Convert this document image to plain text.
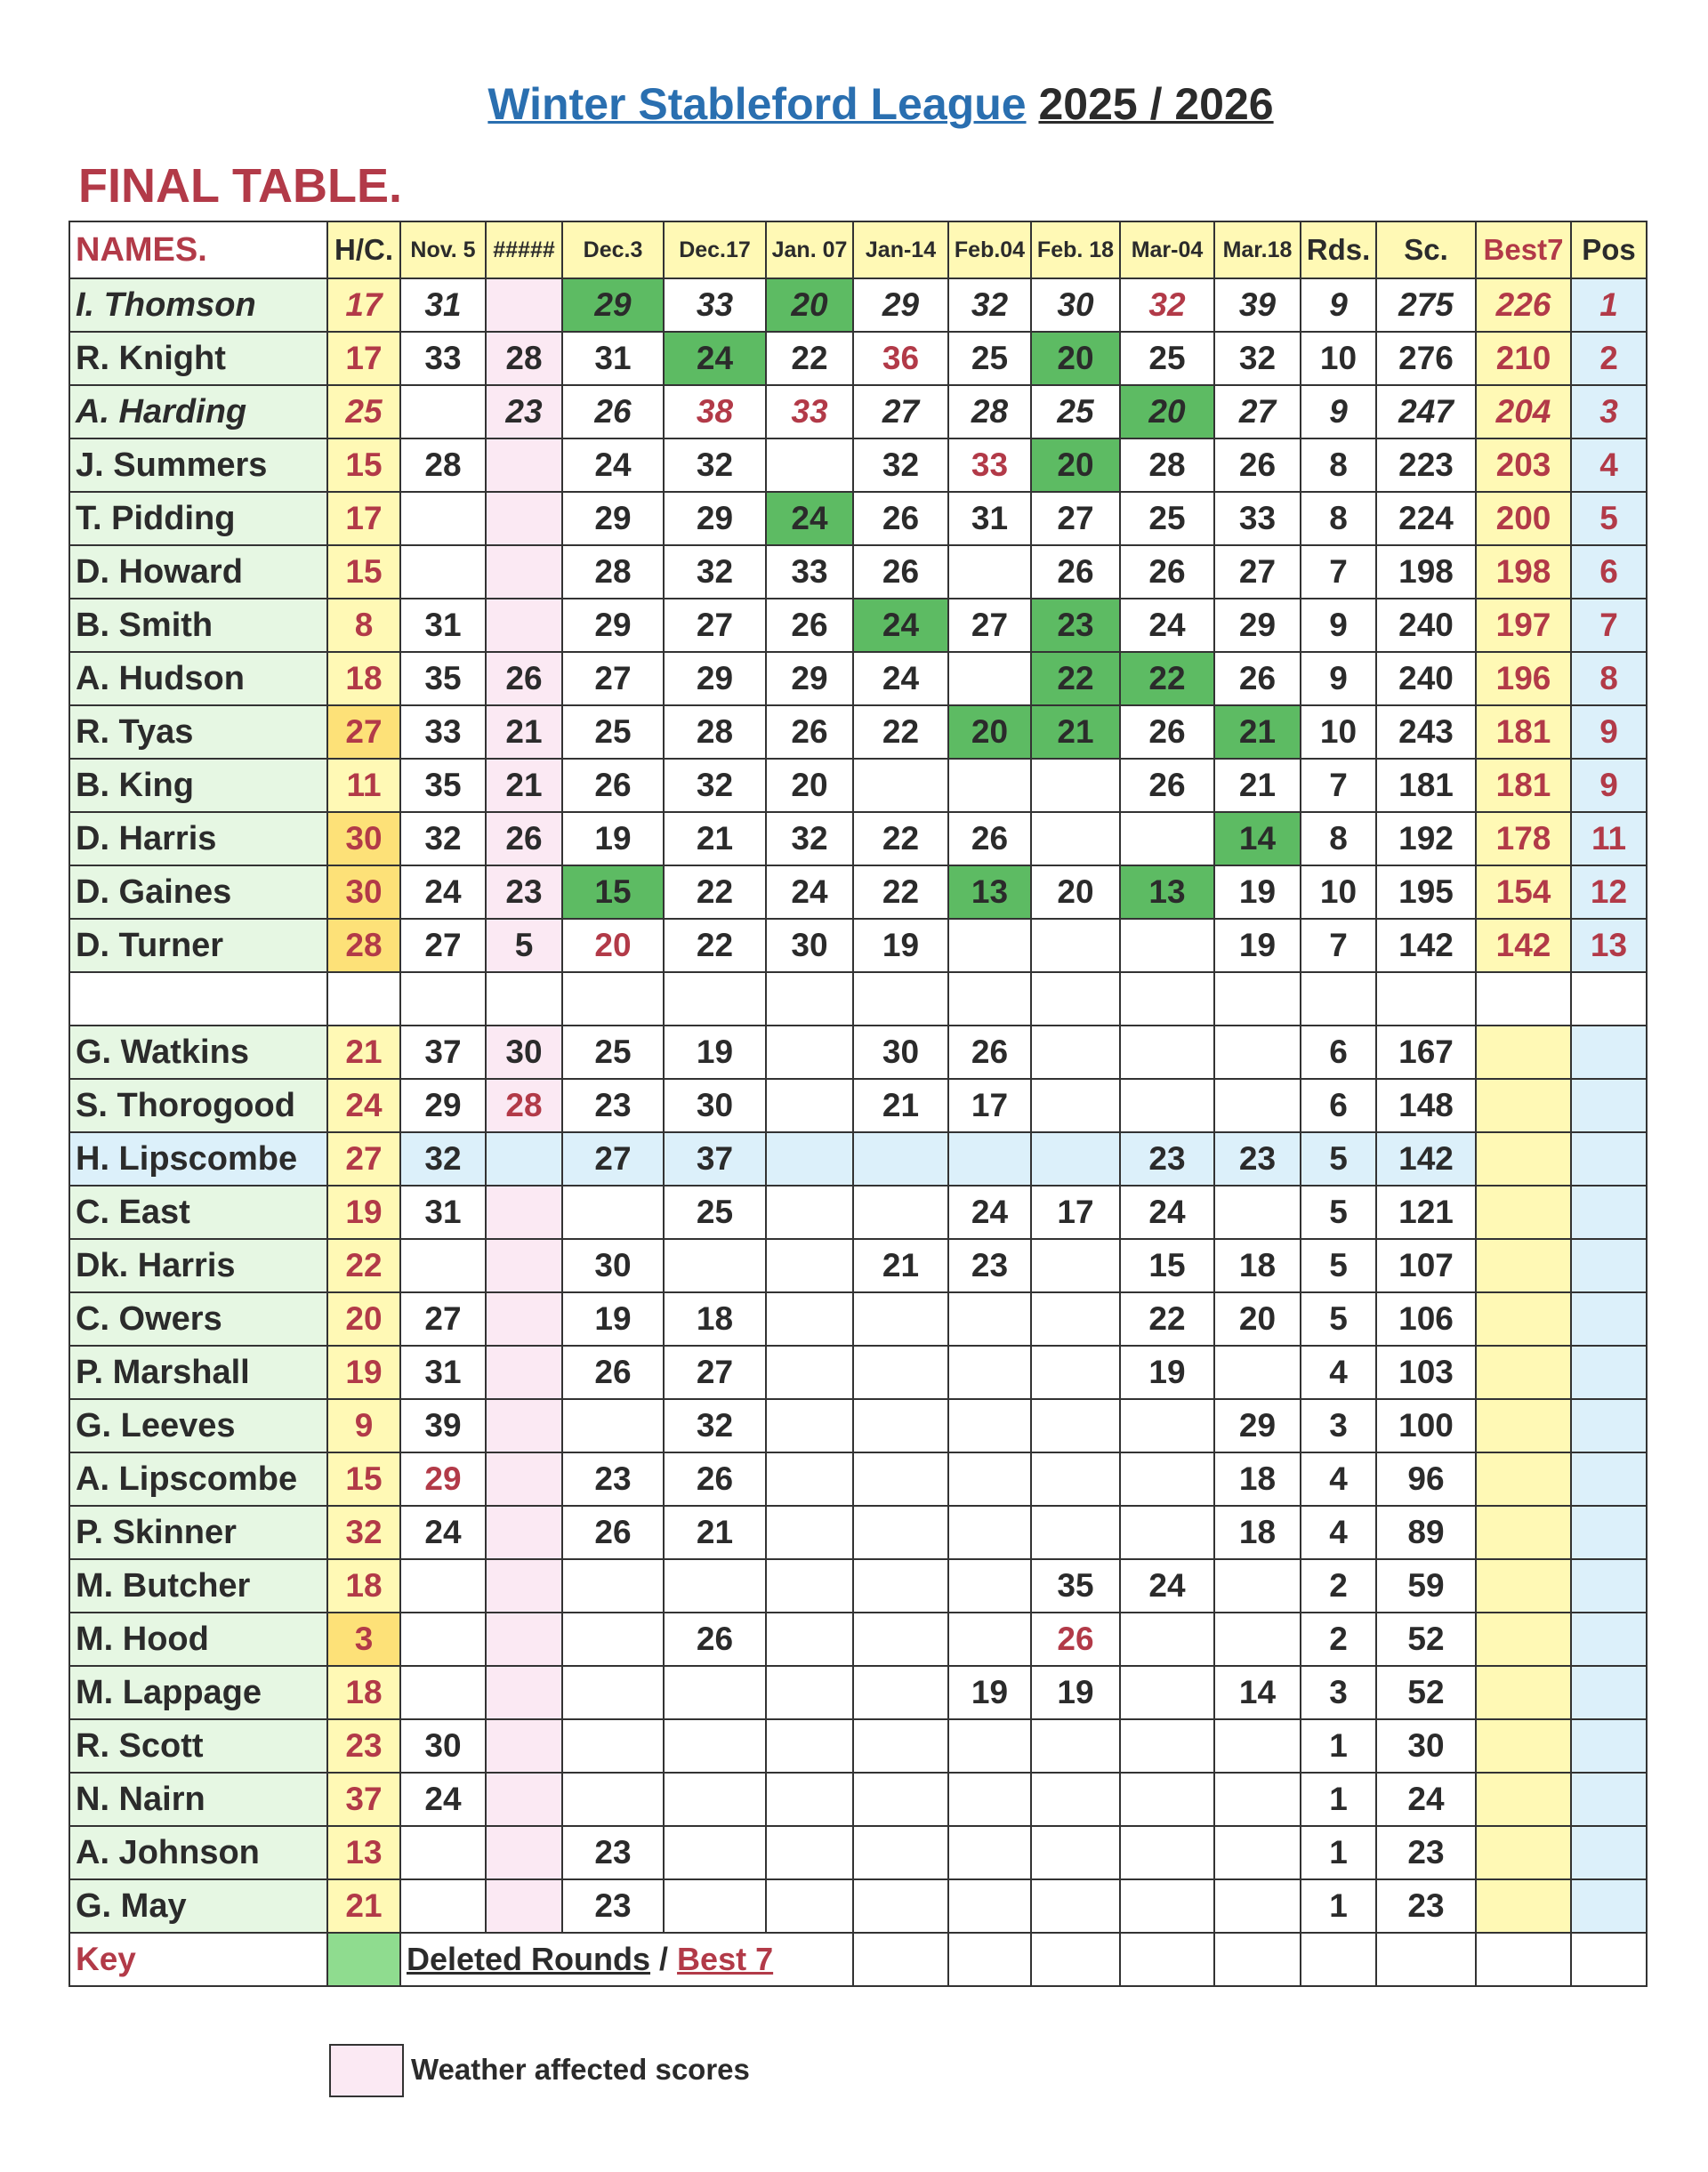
Winter Stableford League 2025 / 2026
FINAL TABLE.
NAMES.	H/C.	Nov. 5	#####	Dec.3	Dec.17	Jan. 07	Jan-14	Feb.04	Feb. 18	Mar-04	Mar.18	Rds.	Sc.	Best7	Pos
I. Thomson	17	31		29	33	20	29	32	30	32	39	9	275	226	1
R. Knight	17	33	28	31	24	22	36	25	20	25	32	10	276	210	2
A. Harding	25		23	26	38	33	27	28	25	20	27	9	247	204	3
J. Summers	15	28		24	32		32	33	20	28	26	8	223	203	4
T. Pidding	17			29	29	24	26	31	27	25	33	8	224	200	5
D. Howard	15			28	32	33	26		26	26	27	7	198	198	6
B. Smith	8	31		29	27	26	24	27	23	24	29	9	240	197	7
A. Hudson	18	35	26	27	29	29	24		22	22	26	9	240	196	8
R. Tyas	27	33	21	25	28	26	22	20	21	26	21	10	243	181	9
B. King	11	35	21	26	32	20				26	21	7	181	181	9
D. Harris	30	32	26	19	21	32	22	26			14	8	192	178	11
D. Gaines	30	24	23	15	22	24	22	13	20	13	19	10	195	154	12
D. Turner	28	27	5	20	22	30	19				19	7	142	142	13

G. Watkins	21	37	30	25	19		30	26				6	167		
S. Thorogood	24	29	28	23	30		21	17				6	148		
H. Lipscombe	27	32		27	37					23	23	5	142		
C. East	19	31			25			24	17	24		5	121		
Dk. Harris	22			30			21	23		15	18	5	107		
C. Owers	20	27		19	18					22	20	5	106		
P. Marshall	19	31		26	27					19		4	103		
G. Leeves	9	39			32						29	3	100		
A. Lipscombe	15	29		23	26						18	4	96		
P. Skinner	32	24		26	21						18	4	89		
M. Butcher	18								35	24		2	59		
M. Hood	3				26				26			2	52		
M. Lappage	18							19	19		14	3	52		
R. Scott	23	30										1	30		
N. Nairn	37	24										1	24		
A. Johnson	13			23								1	23		
G. May	21			23								1	23		
Key		Deleted Rounds / Best 7													
Weather affected scores
